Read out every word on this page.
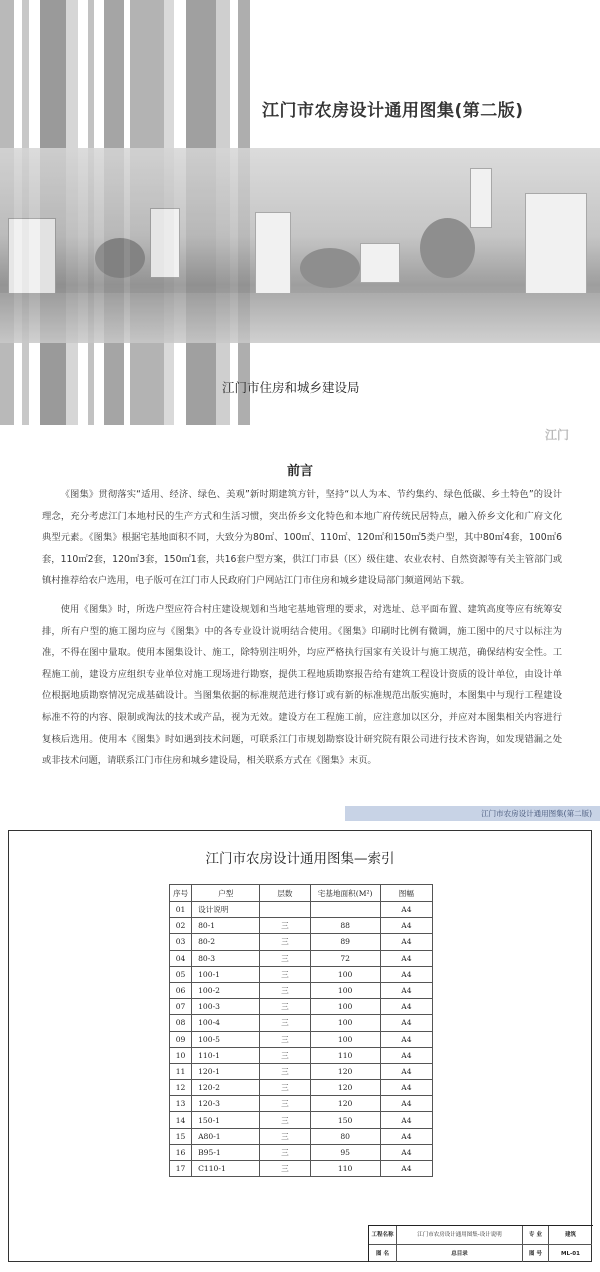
江门市农房设计通用图集(第二版)
江门市住房和城乡建设局
江门
前言

《图集》贯彻落实“适用、经济、绿色、美观”新时期建筑方针，坚持“以人为本、节约集约、绿色低碳、乡土特色”的设计理念，充分考虑江门本地村民的生产方式和生活习惯，突出侨乡文化特色和本地广府传统民居特点，融入侨乡文化和广府文化典型元素。《图集》根据宅基地面积不同，大致分为80㎡、100㎡、110㎡、120㎡和150㎡5类户型，其中80㎡4套，100㎡6套，110㎡2套，120㎡3套，150㎡1套，共16套户型方案，供江门市县（区）级住建、农业农村、自然资源等有关主管部门或镇村推荐给农户选用，电子版可在江门市人民政府门户网站江门市住房和城乡建设局部门频道网站下载。

使用《图集》时，所选户型应符合村庄建设规划和当地宅基地管理的要求，对选址、总平面布置、建筑高度等应有统筹安排，所有户型的施工图均应与《图集》中的各专业设计说明结合使用。《图集》印刷时比例有微调，施工图中的尺寸以标注为准，不得在图中量取。使用本图集设计、施工，除特别注明外，均应严格执行国家有关设计与施工规范，确保结构安全性。工程施工前，建设方应组织专业单位对施工现场进行勘察，提供工程地质勘察报告给有建筑工程设计资质的设计单位，由设计单位根据地质勘察情况完成基础设计。当图集依据的标准规范进行修订或有新的标准规范出版实施时，本图集中与现行工程建设标准不符的内容、限制或淘汰的技术或产品，视为无效。建设方在工程施工前，应注意加以区分，并应对本图集相关内容进行复核后选用。使用本《图集》时如遇到技术问题，可联系江门市规划勘察设计研究院有限公司进行技术咨询，如发现错漏之处或非技术问题，请联系江门市住房和城乡建设局，相关联系方式在《图集》末页。

江门市农房设计通用图集(第二版)
江门市农房设计通用图集—索引
序号	户型	层数	宅基地面积(M²)	图幅
01	设计说明			A4
02	80-1	三	88	A4
03	80-2	三	89	A4
04	80-3	三	72	A4
05	100-1	三	100	A4
06	100-2	三	100	A4
07	100-3	三	100	A4
08	100-4	三	100	A4
09	100-5	三	100	A4
10	110-1	三	110	A4
11	120-1	三	120	A4
12	120-2	三	120	A4
13	120-3	三	120	A4
14	150-1	三	150	A4
15	A80-1	三	80	A4
16	B95-1	三	95	A4
17	C110-1	三	110	A4
工程名称	江门市农房设计通用图集-设计说明	专 业	建筑
图 名	总目录	图 号	ML-01
